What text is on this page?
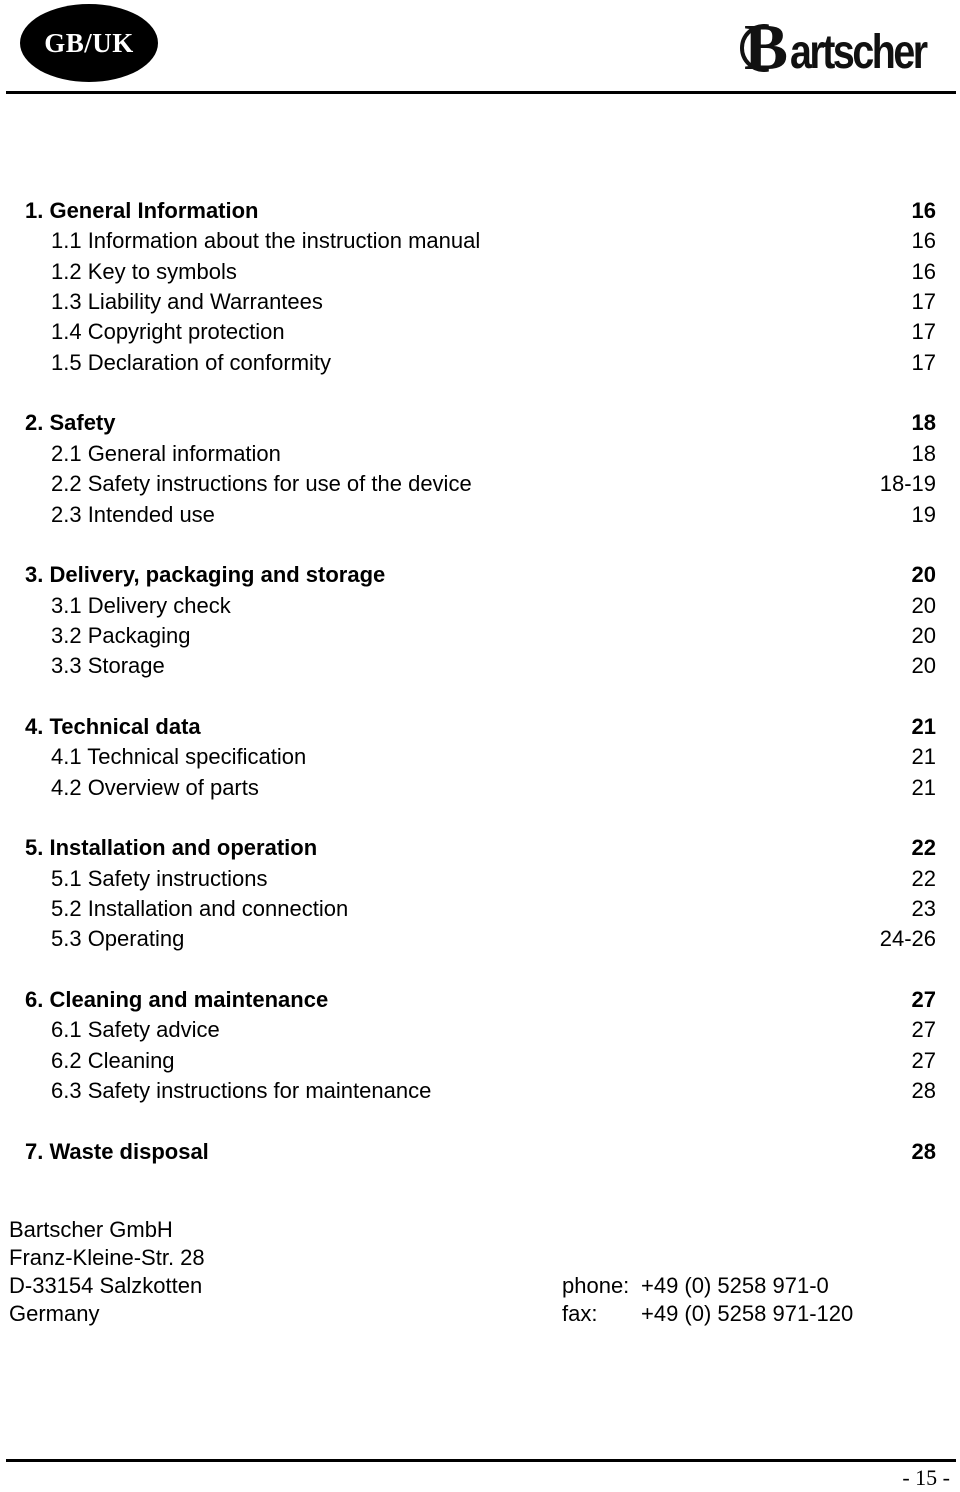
GB/UK	B artscher
1. General Information	16
1.1 Information about the instruction manual	16
1.2 Key to symbols	16
1.3 Liability and Warrantees	17
1.4 Copyright protection	17
1.5 Declaration of conformity	17
2. Safety	18
2.1 General information	18
2.2 Safety instructions for use of the device	18-19
2.3 Intended use	19
3. Delivery, packaging and storage	20
3.1 Delivery check	20
3.2 Packaging	20
3.3 Storage	20
4. Technical data	21
4.1 Technical specification	21
4.2 Overview of parts	21
5. Installation and operation	22
5.1 Safety instructions	22
5.2 Installation and connection	23
5.3 Operating	24-26
6. Cleaning and maintenance	27
6.1 Safety advice	27
6.2 Cleaning	27
6.3 Safety instructions for maintenance	28
7. Waste disposal	28
Bartscher GmbH
Franz-Kleine-Str. 28
D-33154 Salzkotten
Germany
phone: +49 (0) 5258 971-0
fax: +49 (0) 5258 971-120
- 15 -
